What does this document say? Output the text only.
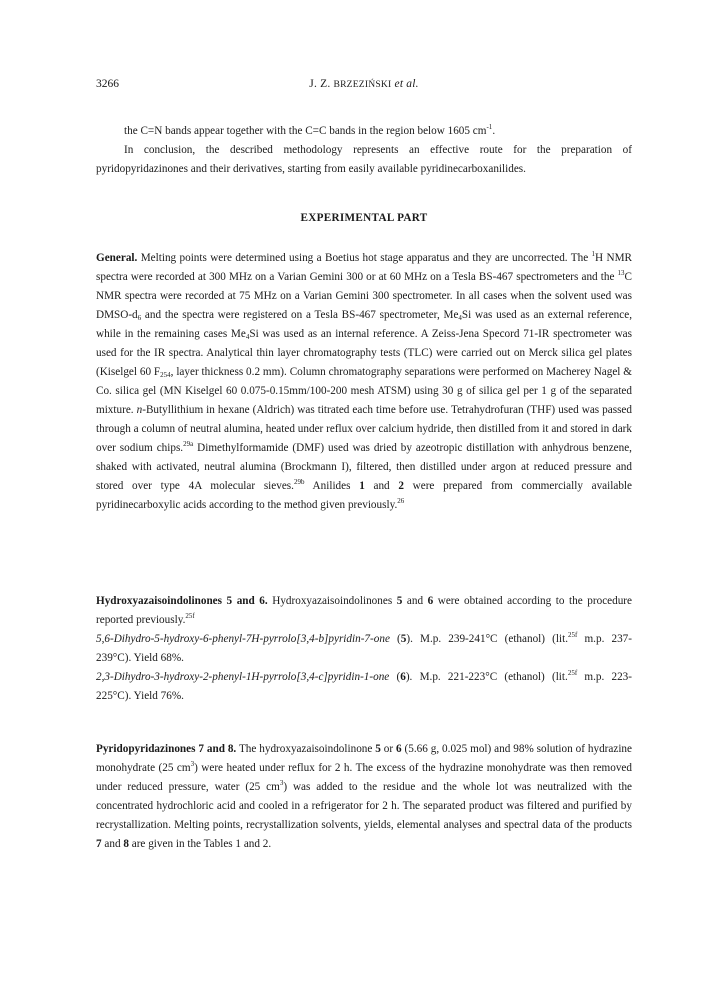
3266	J. Z. BRZEZIŃSKI et al.

the C=N bands appear together with the C=C bands in the region below 1605 $cm^{-1}$.

In conclusion, the described methodology represents an effective route for the preparation of pyridopyridazinones and their derivatives, starting from easily available pyridinecarboxanilides.

EXPERIMENTAL PART

General. Melting points were determined using a Boetius hot stage apparatus and they are uncorrected. The $^1$H NMR spectra were recorded at 300 MHz on a Varian Gemini 300 or at 60 MHz on a Tesla BS-467 spectrometers and the $^{13}$C NMR spectra were recorded at 75 MHz on a Varian Gemini 300 spectrometer. In all cases when the solvent used was DMSO-$d_6$ and the spectra were registered on a Tesla BS-467 spectrometer, $Me_4Si$ was used as an external reference, while in the remaining cases $Me_4Si$ was used as an internal reference. A Zeiss-Jena Specord 71-IR spectrometer was used for the IR spectra. Analytical thin layer chromatography tests (TLC) were carried out on Merck silica gel plates (Kiselgel 60 $F_{254}$, layer thickness 0.2 mm). Column chromatography separations were performed on Macherey Nagel & Co. silica gel (MN Kiselgel 60 0.075-0.15mm/100-200 mesh ATSM) using 30 g of silica gel per 1 g of the separated mixture. n-Butyllithium in hexane (Aldrich) was titrated each time before use. Tetrahydrofuran (THF) used was passed through a column of neutral alumina, heated under reflux over calcium hydride, then distilled from it and stored in dark over sodium chips.$^{29a}$ Dimethylformamide (DMF) used was dried by azeotropic distillation with anhydrous benzene, shaked with activated, neutral alumina (Brockmann I), filtered, then distilled under argon at reduced pressure and stored over type 4A molecular sieves.$^{29b}$ Anilides 1 and 2 were prepared from commercially available pyridinecarboxylic acids according to the method given previously.$^{26}$

Hydroxyazaisoindolinones 5 and 6. Hydroxyazaisoindolinones 5 and 6 were obtained according to the procedure reported previously.$^{25f}$

5,6-Dihydro-5-hydroxy-6-phenyl-7H-pyrrolo[3,4-b]pyridin-7-one (5). M.p. 239-241°C (ethanol) (lit.$^{25f}$ m.p. 237-239°C). Yield 68%.

2,3-Dihydro-3-hydroxy-2-phenyl-1H-pyrrolo[3,4-c]pyridin-1-one (6). M.p. 221-223°C (ethanol) (lit.$^{25f}$ m.p. 223-225°C). Yield 76%.

Pyridopyridazinones 7 and 8. The hydroxyazaisoindolinone 5 or 6 (5.66 g, 0.025 mol) and 98% solution of hydrazine monohydrate (25 $cm^3$) were heated under reflux for 2 h. The excess of the hydrazine monohydrate was then removed under reduced pressure, water (25 $cm^3$) was added to the residue and the whole lot was neutralized with the concentrated hydrochloric acid and cooled in a refrigerator for 2 h. The separated product was filtered and purified by recrystallization. Melting points, recrystallization solvents, yields, elemental analyses and spectral data of the products 7 and 8 are given in the Tables 1 and 2.
